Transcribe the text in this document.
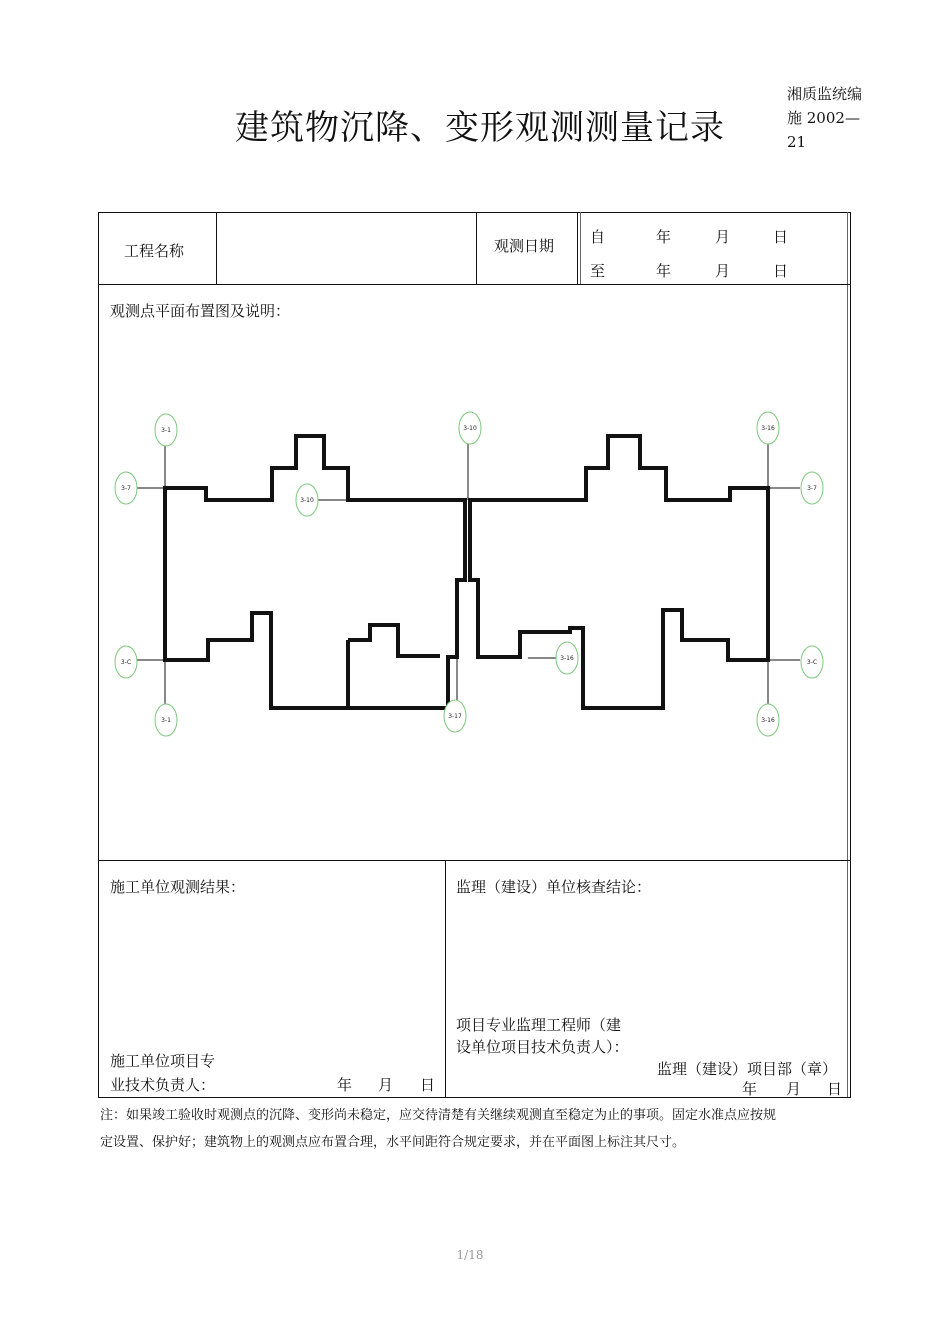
建筑物沉降、变形观测测量记录
湘质监统编
施 2002—
21
工程名称	观测日期 自	年	月	日
至	年	月	日
观测点平面布置图及说明：
3-1
3-7
3-C
3-1
3-10
3-10
3-17
3-16
3-16
3-7
3-C
3-16
施工单位观测结果：	监理（建设）单位核查结论：
施工单位项目专
业技术负责人：	年 月 日
项目专业监理工程师（建
设单位项目技术负责人）：
监理（建设）项目部（章）
年 月 日
注：如果竣工验收时观测点的沉降、变形尚未稳定，应交待清楚有关继续观测直至稳定为止的事项。固定水准点应按规
定设置、保护好；建筑物上的观测点应布置合理，水平间距符合规定要求，并在平面图上标注其尺寸。
1/18
